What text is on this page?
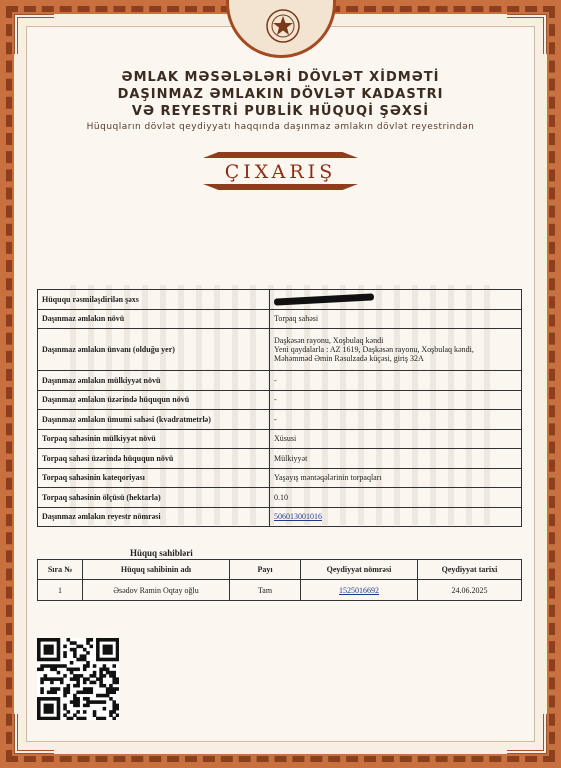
ƏMLAK MƏSƏLƏLƏRİ DÖVLƏT XİDMƏTİ
DAŞINMAZ ƏMLAKIN DÖVLƏT KADASTRI
VƏ REYESTRİ PUBLİK HÜQUQİ ŞƏXSİ
Hüquqların dövlət qeydiyyatı haqqında daşınmaz əmlakın dövlət reyestrindən
ÇIXARIŞ
Hüququ rəsmiləşdirilən şəxs	
Daşınmaz əmlakın növü	Torpaq sahəsi
Daşınmaz əmlakın ünvanı (olduğu yer)	Daşkəsən rayonu, Xoşbulaq kəndi
Yeni qaydalarla : AZ 1619, Daşkəsən rayonu, Xoşbulaq kəndi,
Məhəmməd Əmin Rəsulzadə küçəsi, giriş 32A

Daşınmaz əmlakın mülkiyyət növü	-
Daşınmaz əmlakın üzərində hüququn növü	-
Daşınmaz əmlakın ümumi sahəsi (kvadratmetrlə)	-
Torpaq sahəsinin mülkiyyət növü	Xüsusi
Torpaq sahəsi üzərində hüququn növü	Mülkiyyət
Torpaq sahəsinin kateqoriyası	Yaşayış məntəqələrinin torpaqları
Torpaq sahəsinin ölçüsü (hektarla)	0.10
Daşınmaz əmlakın reyestr nömrəsi	506013001016
Hüquq sahibləri
Sıra №	Hüquq sahibinin adı	Payı	Qeydiyyat nömrəsi	Qeydiyyat tarixi
1	Əsədov Ramin Oqtay oğlu	Tam	1525016692	24.06.2025
